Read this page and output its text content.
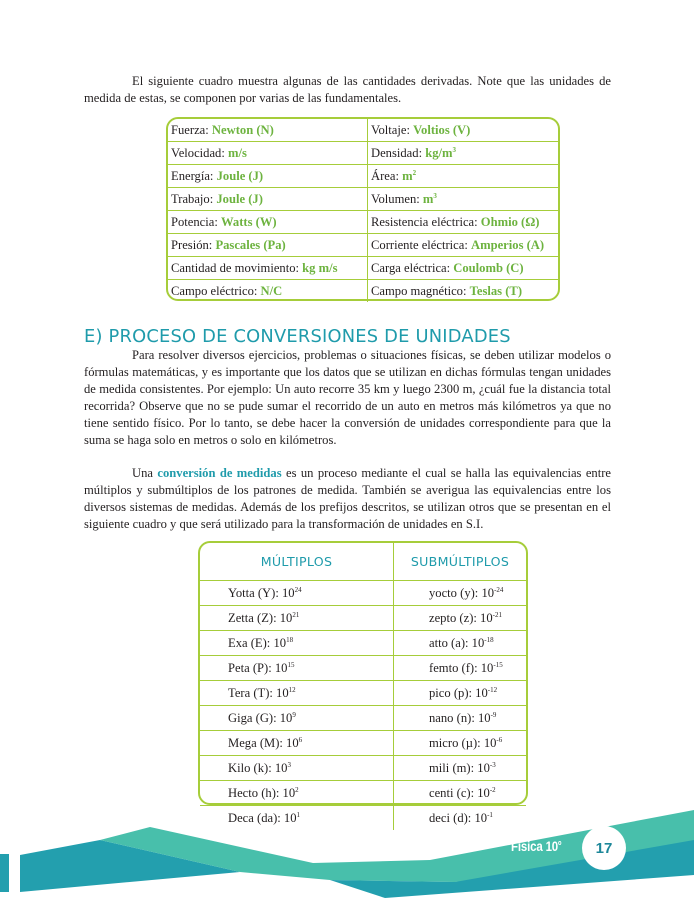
El siguiente cuadro muestra algunas de las cantidades derivadas. Note que las unidades de medida de estas, se componen por varias de las fundamentales.

Fuerza: Newton (N)	Voltaje: Voltios (V)
Velocidad: m/s	Densidad: $kg/m^3$
Energía: Joule (J)	Área: $m^2$
Trabajo: Joule (J)	Volumen: $m^3$
Potencia: Watts (W)	Resistencia eléctrica: Ohmio (Ω)
Presión: Pascales (Pa)	Corriente eléctrica: Amperios (A)
Cantidad de movimiento: kg m/s	Carga eléctrica: Coulomb (C)
Campo eléctrico: N/C	Campo magnético: Teslas (T)
E) PROCESO DE CONVERSIONES DE UNIDADES

Para resolver diversos ejercicios, problemas o situaciones físicas, se deben utilizar modelos o fórmulas matemáticas, y es importante que los datos que se utilizan en dichas fórmulas tengan unidades de medida consistentes. Por ejemplo: Un auto recorre 35 km y luego 2300 m, ¿cuál fue la distancia total recorrida? Observe que no se pude sumar el recorrido de un auto en metros más kilómetros ya que no tiene sentido físico. Por lo tanto, se debe hacer la conversión de unidades correspondiente para que la suma se haga solo en metros o solo en kilómetros.

Una conversión de medidas es un proceso mediante el cual se halla las equivalencias entre múltiplos y submúltiplos de los patrones de medida. También se averigua las equivalencias entre los diversos sistemas de medidas. Además de los prefijos descritos, se utilizan otros que se presentan en el siguiente cuadro y que será utilizado para la transformación de unidades en S.I.

MÚLTIPLOS	SUBMÚLTIPLOS
Yotta (Y): $10^{24}$	yocto (y): $10^{-24}$
Zetta (Z): $10^{21}$	zepto (z): $10^{-21}$
Exa (E): $10^{18}$	atto (a): $10^{-18}$
Peta (P): $10^{15}$	femto (f): $10^{-15}$
Tera (T): $10^{12}$	pico (p): $10^{-12}$
Giga (G): $10^9$	nano (n): $10^{-9}$
Mega (M): $10^6$	micro (µ): $10^{-6}$
Kilo (k): $10^3$	mili (m): $10^{-3}$
Hecto (h): $10^2$	centi (c): $10^{-2}$
Deca (da): $10^1$	deci (d): $10^{-1}$
Física 10$^o$	17
